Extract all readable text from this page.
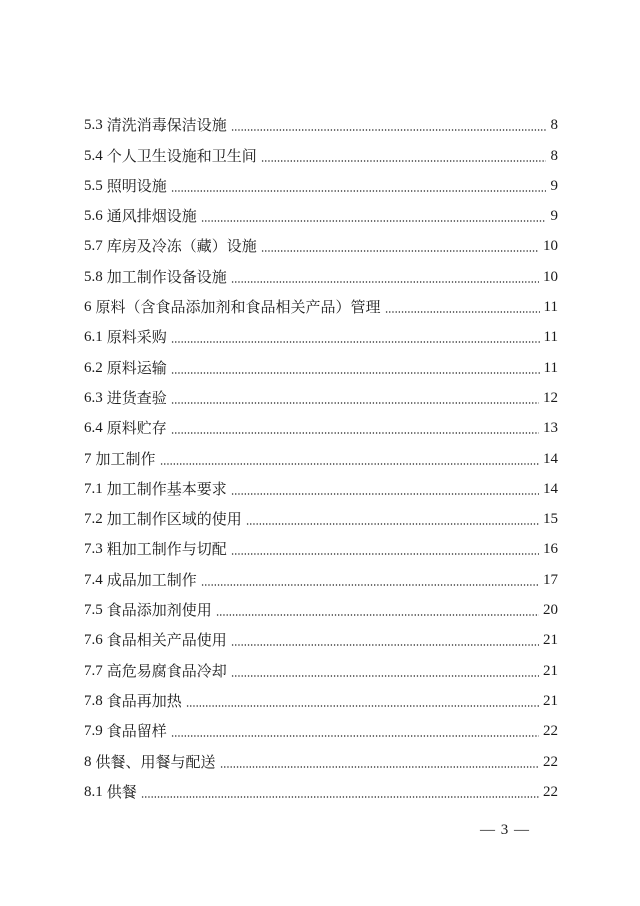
5.3 清洗消毒保洁设施	8
5.4 个人卫生设施和卫生间	8
5.5 照明设施	9
5.6 通风排烟设施	9
5.7 库房及冷冻（藏）设施	10
5.8 加工制作设备设施	10
6 原料（含食品添加剂和食品相关产品）管理	11
6.1 原料采购	11
6.2 原料运输	11
6.3 进货查验	12
6.4 原料贮存	13
7 加工制作	14
7.1 加工制作基本要求	14
7.2 加工制作区域的使用	15
7.3 粗加工制作与切配	16
7.4 成品加工制作	17
7.5 食品添加剂使用	20
7.6 食品相关产品使用	21
7.7 高危易腐食品冷却	21
7.8 食品再加热	21
7.9 食品留样	22
8 供餐、用餐与配送	22
8.1 供餐	22
— 3 —
